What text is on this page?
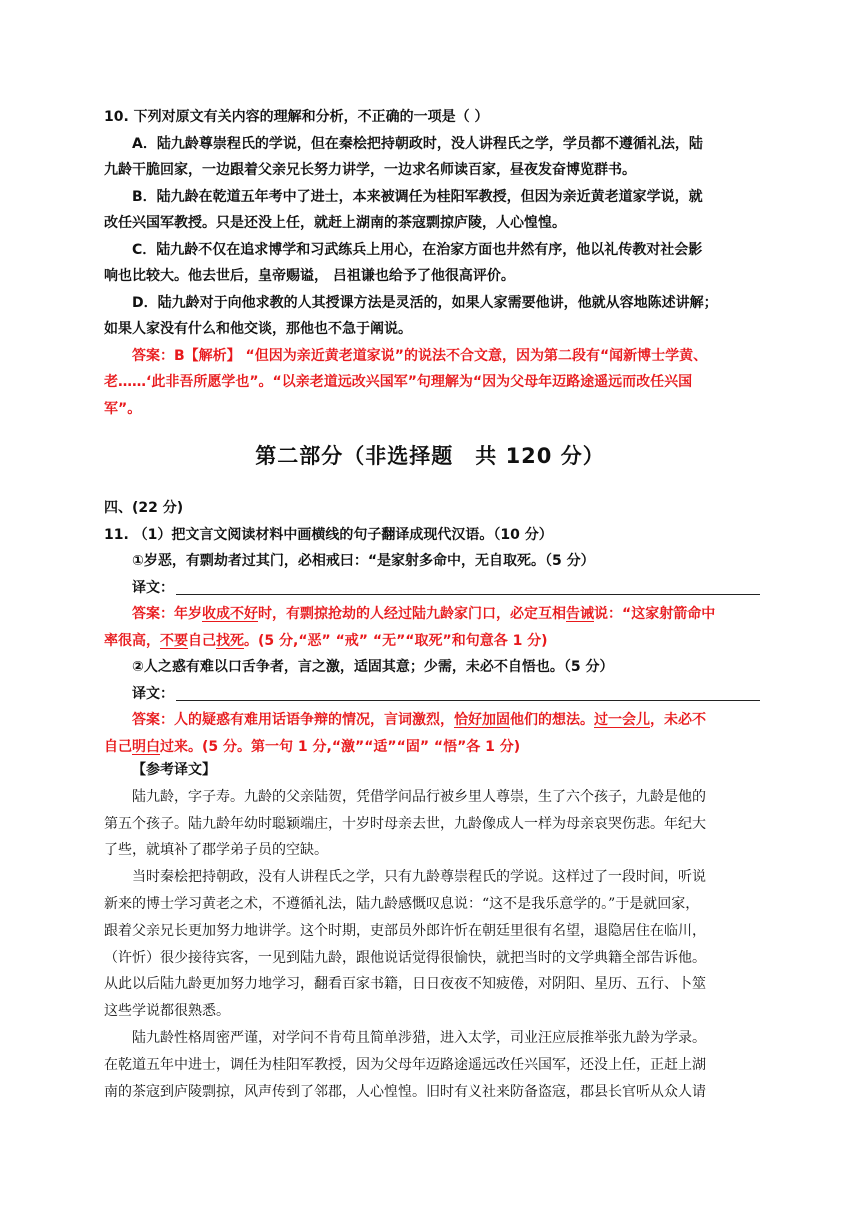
10. 下列对原文有关内容的理解和分析，不正确的一项是（ ）
A．陆九龄尊崇程氏的学说，但在秦桧把持朝政时，没人讲程氏之学，学员都不遵循礼法，陆
九龄干脆回家，一边跟着父亲兄长努力讲学，一边求名师读百家，昼夜发奋博览群书。
B．陆九龄在乾道五年考中了进士，本来被调任为桂阳军教授，但因为亲近黄老道家学说，就
改任兴国军教授。只是还没上任，就赶上湖南的茶寇剽掠庐陵，人心惶惶。
C．陆九龄不仅在追求博学和习武练兵上用心，在治家方面也井然有序，他以礼传教对社会影
响也比较大。他去世后，皇帝赐谥， 吕祖谦也给予了他很高评价。
D．陆九龄对于向他求教的人其授课方法是灵活的，如果人家需要他讲，他就从容地陈述讲解；
如果人家没有什么和他交谈，那他也不急于阐说。
答案：B【解析】 “但因为亲近黄老道家说”的说法不合文意，因为第二段有“闻新博士学黄、
老……‘此非吾所愿学也”。“以亲老道远改兴国军”句理解为“因为父母年迈路途遥远而改任兴国
军”。
第二部分（非选择题　共 120 分）
四、(22 分)
11. （1）把文言文阅读材料中画横线的句子翻译成现代汉语。（10 分）
①岁恶，有剽劫者过其门，必相戒曰：“是家射多命中，无自取死。（5 分）
译文：
答案：年岁收成不好时，有剽掠抢劫的人经过陆九龄家门口，必定互相告诫说：“这家射箭命中
率很高，不要自己找死。(5 分,“恶” “戒” “无”“取死”和句意各 1 分)
②人之惑有难以口舌争者，言之激，适固其意；少需，未必不自悟也。（5 分）
译文：
答案：人的疑惑有难用话语争辩的情况，言词激烈，恰好加固他们的想法。过一会儿，未必不
自己明白过来。(5 分。第一句 1 分,“激”“适”“固” “悟”各 1 分)
【参考译文】
陆九龄，字子寿。九龄的父亲陆贺，凭借学问品行被乡里人尊崇，生了六个孩子，九龄是他的
第五个孩子。陆九龄年幼时聪颖端庄，十岁时母亲去世，九龄像成人一样为母亲哀哭伤悲。年纪大
了些，就填补了郡学弟子员的空缺。
当时秦桧把持朝政，没有人讲程氏之学，只有九龄尊崇程氏的学说。这样过了一段时间，听说
新来的博士学习黄老之术，不遵循礼法，陆九龄感慨叹息说：“这不是我乐意学的。”于是就回家，
跟着父亲兄长更加努力地讲学。这个时期，吏部员外郎许忻在朝廷里很有名望，退隐居住在临川，
（许忻）很少接待宾客，一见到陆九龄，跟他说话觉得很愉快，就把当时的文学典籍全部告诉他。
从此以后陆九龄更加努力地学习，翻看百家书籍，日日夜夜不知疲倦，对阴阳、星历、五行、卜筮
这些学说都很熟悉。
陆九龄性格周密严谨，对学问不肯苟且简单涉猎，进入太学，司业汪应辰推举张九龄为学录。
在乾道五年中进士，调任为桂阳军教授，因为父母年迈路途遥远改任兴国军，还没上任，正赶上湖
南的茶寇到庐陵剽掠，风声传到了邻郡，人心惶惶。旧时有义社来防备盗寇，郡县长官听从众人请
